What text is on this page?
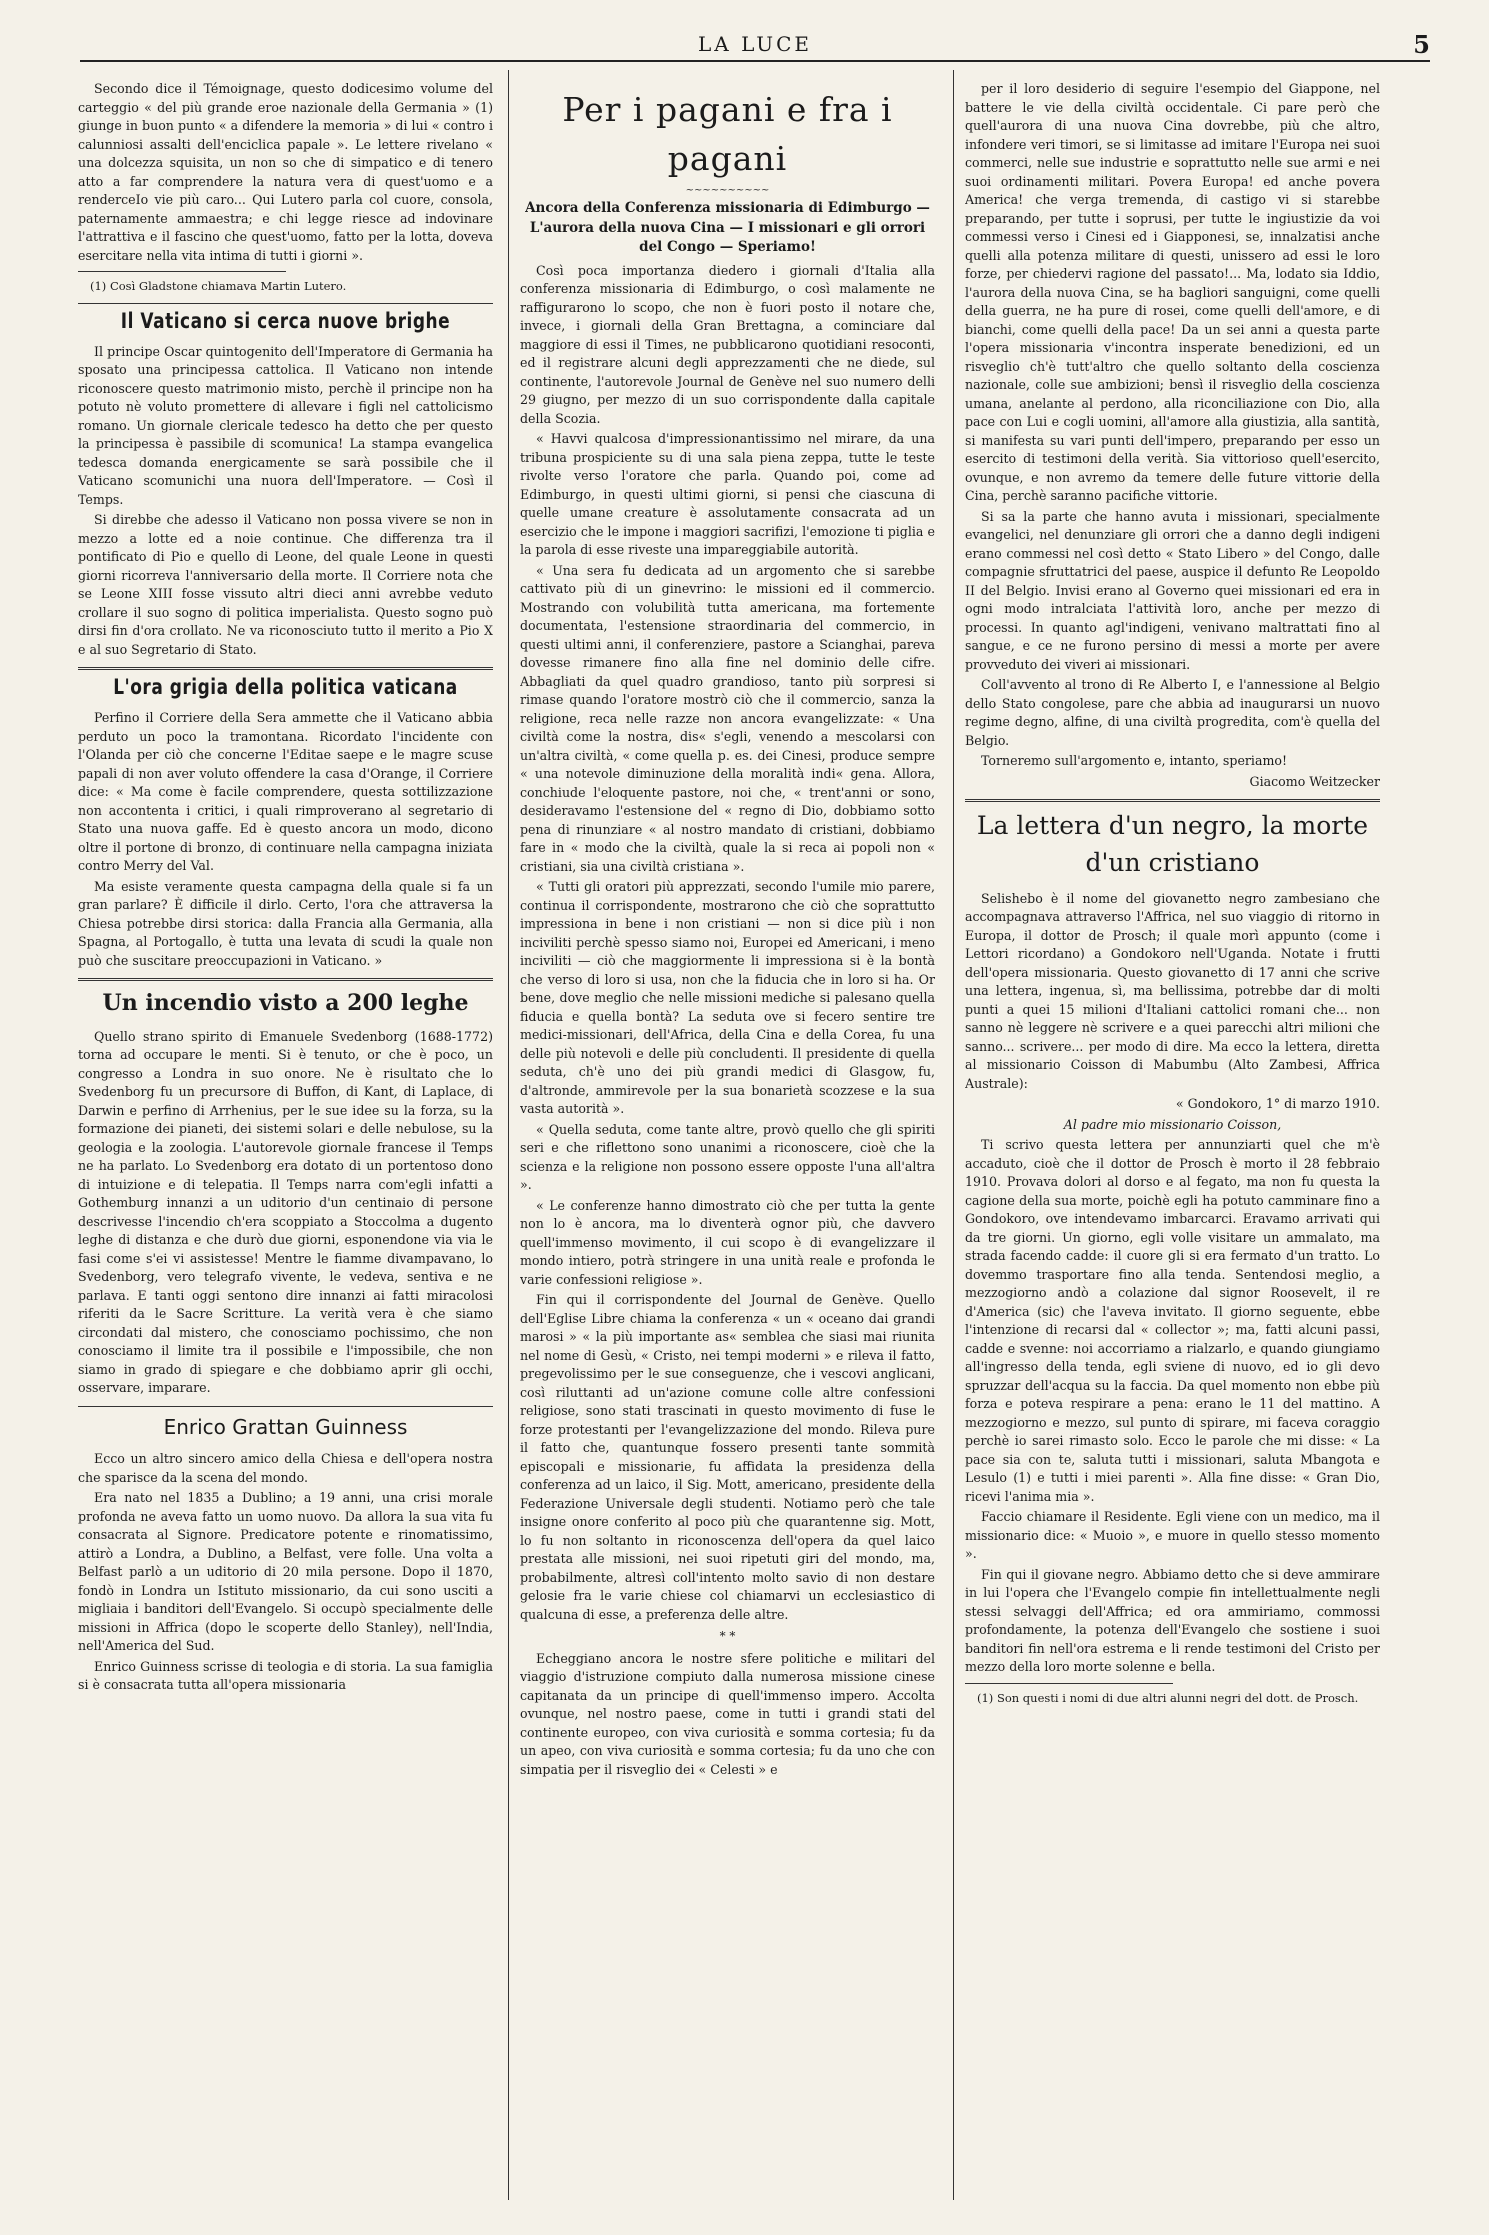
LA LUCE	5

Secondo dice il Témoignage, questo dodicesimo volume del carteggio « del più grande eroe nazionale della Germania » (1) giunge in buon punto « a difendere la memoria » di lui « contro i calunniosi assalti dell'enciclica papale ». Le lettere rivelano « una dolcezza squisita, un non so che di simpatico e di tenero atto a far comprendere la natura vera di quest'uomo e a renderceIo vie più caro... Qui Lutero parla col cuore, consola, paternamente ammaestra; e chi legge riesce ad indovinare l'attrattiva e il fascino che quest'uomo, fatto per la lotta, doveva esercitare nella vita intima di tutti i giorni ».

(1) Così Gladstone chiamava Martin Lutero.

Il Vaticano si cerca nuove brighe

Il principe Oscar quintogenito dell'Imperatore di Germania ha sposato una principessa cattolica. Il Vaticano non intende riconoscere questo matrimonio misto, perchè il principe non ha potuto nè voluto promettere di allevare i figli nel cattolicismo romano. Un giornale clericale tedesco ha detto che per questo la principessa è passibile di scomunica! La stampa evangelica tedesca domanda energicamente se sarà possibile che il Vaticano scomunichi una nuora dell'Imperatore. — Così il Temps.

Si direbbe che adesso il Vaticano non possa vivere se non in mezzo a lotte ed a noie continue. Che differenza tra il pontificato di Pio e quello di Leone, del quale Leone in questi giorni ricorreva l'anniversario della morte. Il Corriere nota che se Leone XIII fosse vissuto altri dieci anni avrebbe veduto crollare il suo sogno di politica imperialista. Questo sogno può dirsi fin d'ora crollato. Ne va riconosciuto tutto il merito a Pio X e al suo Segretario di Stato.

L'ora grigia della politica vaticana

Perfino il Corriere della Sera ammette che il Vaticano abbia perduto un poco la tramontana. Ricordato l'incidente con l'Olanda per ciò che concerne l'Editae saepe e le magre scuse papali di non aver voluto offendere la casa d'Orange, il Corriere dice: « Ma come è facile comprendere, questa sottilizzazione non accontenta i critici, i quali rimproverano al segretario di Stato una nuova gaffe. Ed è questo ancora un modo, dicono oltre il portone di bronzo, di continuare nella campagna iniziata contro Merry del Val.

Ma esiste veramente questa campagna della quale si fa un gran parlare? È difficile il dirlo. Certo, l'ora che attraversa la Chiesa potrebbe dirsi storica: dalla Francia alla Germania, alla Spagna, al Portogallo, è tutta una levata di scudi la quale non può che suscitare preoccupazioni in Vaticano. »

Un incendio visto a 200 leghe

Quello strano spirito di Emanuele Svedenborg (1688-1772) torna ad occupare le menti. Si è tenuto, or che è poco, un congresso a Londra in suo onore. Ne è risultato che lo Svedenborg fu un precursore di Buffon, di Kant, di Laplace, di Darwin e perfino di Arrhenius, per le sue idee su la forza, su la formazione dei pianeti, dei sistemi solari e delle nebulose, su la geologia e la zoologia. L'autorevole giornale francese il Temps ne ha parlato. Lo Svedenborg era dotato di un portentoso dono di intuizione e di telepatia. Il Temps narra com'egli infatti a Gothemburg innanzi a un uditorio d'un centinaio di persone descrivesse l'incendio ch'era scoppiato a Stoccolma a dugento leghe di distanza e che durò due giorni, esponendone via via le fasi come s'ei vi assistesse! Mentre le fiamme divampavano, lo Svedenborg, vero telegrafo vivente, le vedeva, sentiva e ne parlava. E tanti oggi sentono dire innanzi ai fatti miracolosi riferiti da le Sacre Scritture. La verità vera è che siamo circondati dal mistero, che conosciamo pochissimo, che non conosciamo il limite tra il possibile e l'impossibile, che non siamo in grado di spiegare e che dobbiamo aprir gli occhi, osservare, imparare.

Enrico Grattan Guinness

Ecco un altro sincero amico della Chiesa e dell'opera nostra che sparisce da la scena del mondo.

Era nato nel 1835 a Dublino; a 19 anni, una crisi morale profonda ne aveva fatto un uomo nuovo. Da allora la sua vita fu consacrata al Signore. Predicatore potente e rinomatissimo, attirò a Londra, a Dublino, a Belfast, vere folle. Una volta a Belfast parlò a un uditorio di 20 mila persone. Dopo il 1870, fondò in Londra un Istituto missionario, da cui sono usciti a migliaia i banditori dell'Evangelo. Si occupò specialmente delle missioni in Affrica (dopo le scoperte dello Stanley), nell'India, nell'America del Sud.

Enrico Guinness scrisse di teologia e di storia. La sua famiglia si è consacrata tutta all'opera missionaria

Per i pagani e fra i pagani
~~~~~~~~~~
Ancora della Conferenza missionaria di Edimburgo — L'aurora della nuova Cina — I missionari e gli orrori del Congo — Speriamo!

Così poca importanza diedero i giornali d'Italia alla conferenza missionaria di Edimburgo, o così malamente ne raffigurarono lo scopo, che non è fuori posto il notare che, invece, i giornali della Gran Brettagna, a cominciare dal maggiore di essi il Times, ne pubblicarono quotidiani resoconti, ed il registrare alcuni degli apprezzamenti che ne diede, sul continente, l'autorevole Journal de Genève nel suo numero delli 29 giugno, per mezzo di un suo corrispondente dalla capitale della Scozia.

« Havvi qualcosa d'impressionantissimo nel mirare, da una tribuna prospiciente su di una sala piena zeppa, tutte le teste rivolte verso l'oratore che parla. Quando poi, come ad Edimburgo, in questi ultimi giorni, si pensi che ciascuna di quelle umane creature è assolutamente consacrata ad un esercizio che le impone i maggiori sacrifizi, l'emozione ti piglia e la parola di esse riveste una impareggiabile autorità.

« Una sera fu dedicata ad un argomento che si sarebbe cattivato più di un ginevrino: le missioni ed il commercio. Mostrando con volubilità tutta americana, ma fortemente documentata, l'estensione straordinaria del commercio, in questi ultimi anni, il conferenziere, pastore a Scianghai, pareva dovesse rimanere fino alla fine nel dominio delle cifre. Abbagliati da quel quadro grandioso, tanto più sorpresi si rimase quando l'oratore mostrò ciò che il commercio, sanza la religione, reca nelle razze non ancora evangelizzate: « Una civiltà come la nostra, dis« s'egli, venendo a mescolarsi con un'altra civiltà, « come quella p. es. dei Cinesi, produce sempre « una notevole diminuzione della moralità indi« gena. Allora, conchiude l'eloquente pastore, noi che, « trent'anni or sono, desideravamo l'estensione del « regno di Dio, dobbiamo sotto pena di rinunziare « al nostro mandato di cristiani, dobbiamo fare in « modo che la civiltà, quale la si reca ai popoli non « cristiani, sia una civiltà cristiana ».

« Tutti gli oratori più apprezzati, secondo l'umile mio parere, continua il corrispondente, mostrarono che ciò che soprattutto impressiona in bene i non cristiani — non si dice più i non inciviliti perchè spesso siamo noi, Europei ed Americani, i meno inciviliti — ciò che maggiormente li impressiona si è la bontà che verso di loro si usa, non che la fiducia che in loro si ha. Or bene, dove meglio che nelle missioni mediche si palesano quella fiducia e quella bontà? La seduta ove si fecero sentire tre medici-missionari, dell'Africa, della Cina e della Corea, fu una delle più notevoli e delle più concludenti. Il presidente di quella seduta, ch'è uno dei più grandi medici di Glasgow, fu, d'altronde, ammirevole per la sua bonarietà scozzese e la sua vasta autorità ».

« Quella seduta, come tante altre, provò quello che gli spiriti seri e che riflettono sono unanimi a riconoscere, cioè che la scienza e la religione non possono essere opposte l'una all'altra ».

« Le conferenze hanno dimostrato ciò che per tutta la gente non lo è ancora, ma lo diventerà ognor più, che davvero quell'immenso movimento, il cui scopo è di evangelizzare il mondo intiero, potrà stringere in una unità reale e profonda le varie confessioni religiose ».

Fin qui il corrispondente del Journal de Genève. Quello dell'Eglise Libre chiama la conferenza « un « oceano dai grandi marosi » « la più importante as« semblea che siasi mai riunita nel nome di Gesù, « Cristo, nei tempi moderni » e rileva il fatto, pregevolissimo per le sue conseguenze, che i vescovi anglicani, così riluttanti ad un'azione comune colle altre confessioni religiose, sono stati trascinati in questo movimento di fuse le forze protestanti per l'evangelizzazione del mondo. Rileva pure il fatto che, quantunque fossero presenti tante sommità episcopali e missionarie, fu affidata la presidenza della conferenza ad un laico, il Sig. Mott, americano, presidente della Federazione Universale degli studenti. Notiamo però che tale insigne onore conferito al poco più che quarantenne sig. Mott, lo fu non soltanto in riconoscenza dell'opera da quel laico prestata alle missioni, nei suoi ripetuti giri del mondo, ma, probabilmente, altresì coll'intento molto savio di non destare gelosie fra le varie chiese col chiamarvi un ecclesiastico di qualcuna di esse, a preferenza delle altre.

* *

Echeggiano ancora le nostre sfere politiche e militari del viaggio d'istruzione compiuto dalla numerosa missione cinese capitanata da un principe di quell'immenso impero. Accolta ovunque, nel nostro paese, come in tutti i grandi stati del continente europeo, con viva curiosità e somma cortesia; fu da un apeo, con viva curiosità e somma cortesia; fu da uno che con simpatia per il risveglio dei « Celesti » e

per il loro desiderio di seguire l'esempio del Giappone, nel battere le vie della civiltà occidentale. Ci pare però che quell'aurora di una nuova Cina dovrebbe, più che altro, infondere veri timori, se si limitasse ad imitare l'Europa nei suoi commerci, nelle sue industrie e soprattutto nelle sue armi e nei suoi ordinamenti militari. Povera Europa! ed anche povera America! che verga tremenda, di castigo vi si starebbe preparando, per tutte i soprusi, per tutte le ingiustizie da voi commessi verso i Cinesi ed i Giapponesi, se, innalzatisi anche quelli alla potenza militare di questi, unissero ad essi le loro forze, per chiedervi ragione del passato!... Ma, lodato sia Iddio, l'aurora della nuova Cina, se ha bagliori sanguigni, come quelli della guerra, ne ha pure di rosei, come quelli dell'amore, e di bianchi, come quelli della pace! Da un sei anni a questa parte l'opera missionaria v'incontra insperate benedizioni, ed un risveglio ch'è tutt'altro che quello soltanto della coscienza nazionale, colle sue ambizioni; bensì il risveglio della coscienza umana, anelante al perdono, alla riconciliazione con Dio, alla pace con Lui e cogli uomini, all'amore alla giustizia, alla santità, si manifesta su vari punti dell'impero, preparando per esso un esercito di testimoni della verità. Sia vittorioso quell'esercito, ovunque, e non avremo da temere delle future vittorie della Cina, perchè saranno pacifiche vittorie.

Si sa la parte che hanno avuta i missionari, specialmente evangelici, nel denunziare gli orrori che a danno degli indigeni erano commessi nel così detto « Stato Libero » del Congo, dalle compagnie sfruttatrici del paese, auspice il defunto Re Leopoldo II del Belgio. Invisi erano al Governo quei missionari ed era in ogni modo intralciata l'attività loro, anche per mezzo di processi. In quanto agl'indigeni, venivano maltrattati fino al sangue, e ce ne furono persino di messi a morte per avere provveduto dei viveri ai missionari.

Coll'avvento al trono di Re Alberto I, e l'annessione al Belgio dello Stato congolese, pare che abbia ad inaugurarsi un nuovo regime degno, alfine, di una civiltà progredita, com'è quella del Belgio.

Torneremo sull'argomento e, intanto, speriamo!

Giacomo Weitzecker

La lettera d'un negro, la morte d'un cristiano

Selishebo è il nome del giovanetto negro zambesiano che accompagnava attraverso l'Affrica, nel suo viaggio di ritorno in Europa, il dottor de Prosch; il quale morì appunto (come i Lettori ricordano) a Gondokoro nell'Uganda. Notate i frutti dell'opera missionaria. Questo giovanetto di 17 anni che scrive una lettera, ingenua, sì, ma bellissima, potrebbe dar di molti punti a quei 15 milioni d'Italiani cattolici romani che... non sanno nè leggere nè scrivere e a quei parecchi altri milioni che sanno... scrivere... per modo di dire. Ma ecco la lettera, diretta al missionario Coisson di Mabumbu (Alto Zambesi, Affrica Australe):

« Gondokoro, 1° di marzo 1910.

Al padre mio missionario Coisson,

Ti scrivo questa lettera per annunziarti quel che m'è accaduto, cioè che il dottor de Prosch è morto il 28 febbraio 1910. Provava dolori al dorso e al fegato, ma non fu questa la cagione della sua morte, poichè egli ha potuto camminare fino a Gondokoro, ove intendevamo imbarcarci. Eravamo arrivati qui da tre giorni. Un giorno, egli volle visitare un ammalato, ma strada facendo cadde: il cuore gli si era fermato d'un tratto. Lo dovemmo trasportare fino alla tenda. Sentendosi meglio, a mezzogiorno andò a colazione dal signor Roosevelt, il re d'America (sic) che l'aveva invitato. Il giorno seguente, ebbe l'intenzione di recarsi dal « collector »; ma, fatti alcuni passi, cadde e svenne: noi accorriamo a rialzarlo, e quando giungiamo all'ingresso della tenda, egli sviene di nuovo, ed io gli devo spruzzar dell'acqua su la faccia. Da quel momento non ebbe più forza e poteva respirare a pena: erano le 11 del mattino. A mezzogiorno e mezzo, sul punto di spirare, mi faceva coraggio perchè io sarei rimasto solo. Ecco le parole che mi disse: « La pace sia con te, saluta tutti i missionari, saluta Mbangota e Lesulo (1) e tutti i miei parenti ». Alla fine disse: « Gran Dio, ricevi l'anima mia ».

Faccio chiamare il Residente. Egli viene con un medico, ma il missionario dice: « Muoio », e muore in quello stesso momento ».

Fin qui il giovane negro. Abbiamo detto che si deve ammirare in lui l'opera che l'Evangelo compie fin intellettualmente negli stessi selvaggi dell'Affrica; ed ora ammiriamo, commossi profondamente, la potenza dell'Evangelo che sostiene i suoi banditori fin nell'ora estrema e li rende testimoni del Cristo per mezzo della loro morte solenne e bella.

(1) Son questi i nomi di due altri alunni negri del dott. de Prosch.
